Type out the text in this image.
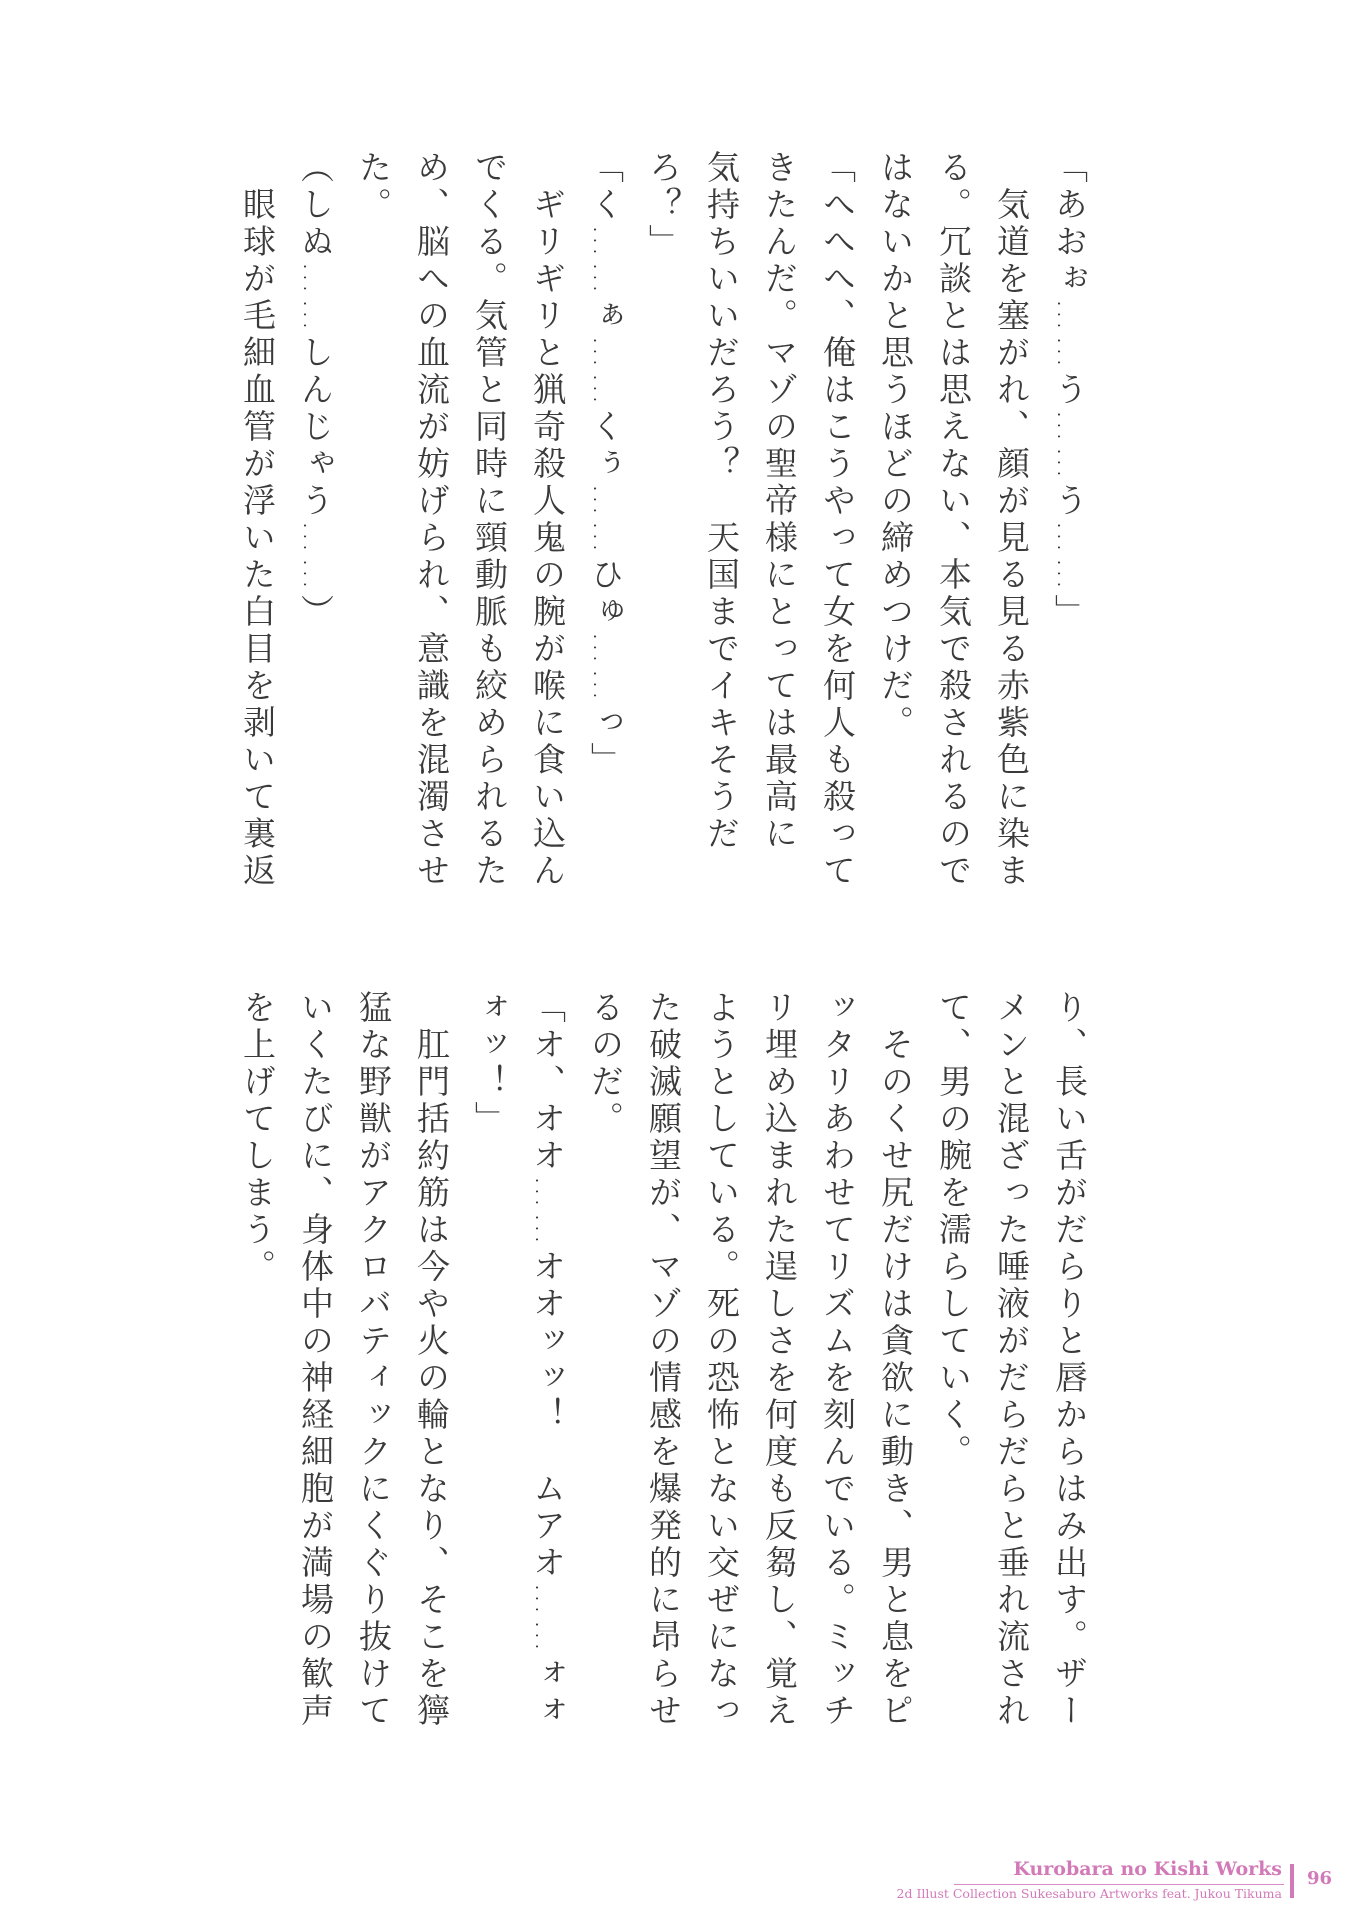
「あおぉ……う……う……」
　気道を塞がれ、顔が見る見る赤紫色に染ま
る。冗談とは思えない、本気で殺されるので
はないかと思うほどの締めつけだ。
「へへへ、俺はこうやって女を何人も殺って
きたんだ。マゾの聖帝様にとっては最高に
気持ちいいだろう？　天国までイキそうだ
ろ？」
「く……ぁ……くぅ……ひゅ……っ」
　ギリギリと猟奇殺人鬼の腕が喉に食い込ん
でくる。気管と同時に頸動脈も絞められるた
め、脳への血流が妨げられ、意識を混濁させ
た。
（しぬ……しんじゃう……）
　眼球が毛細血管が浮いた白目を剥いて裏返
り、長い舌がだらりと唇からはみ出す。ザー
メンと混ざった唾液がだらだらと垂れ流され
て、男の腕を濡らしていく。
　そのくせ尻だけは貪欲に動き、男と息をピ
ッタリあわせてリズムを刻んでいる。ミッチ
リ埋め込まれた逞しさを何度も反芻し、覚え
ようとしている。死の恐怖とない交ぜになっ
た破滅願望が、マゾの情感を爆発的に昂らせ
るのだ。
「オ、オオ……オオッッ！　ムアオ……ォォ
ォッ！」
　肛門括約筋は今や火の輪となり、そこを獰
猛な野獣がアクロバティックにくぐり抜けて
いくたびに、身体中の神経細胞が満場の歓声
を上げてしまう。
Kurobara no Kishi Works
2d Illust Collection Sukesaburo Artworks feat. Jukou Tikuma
96
